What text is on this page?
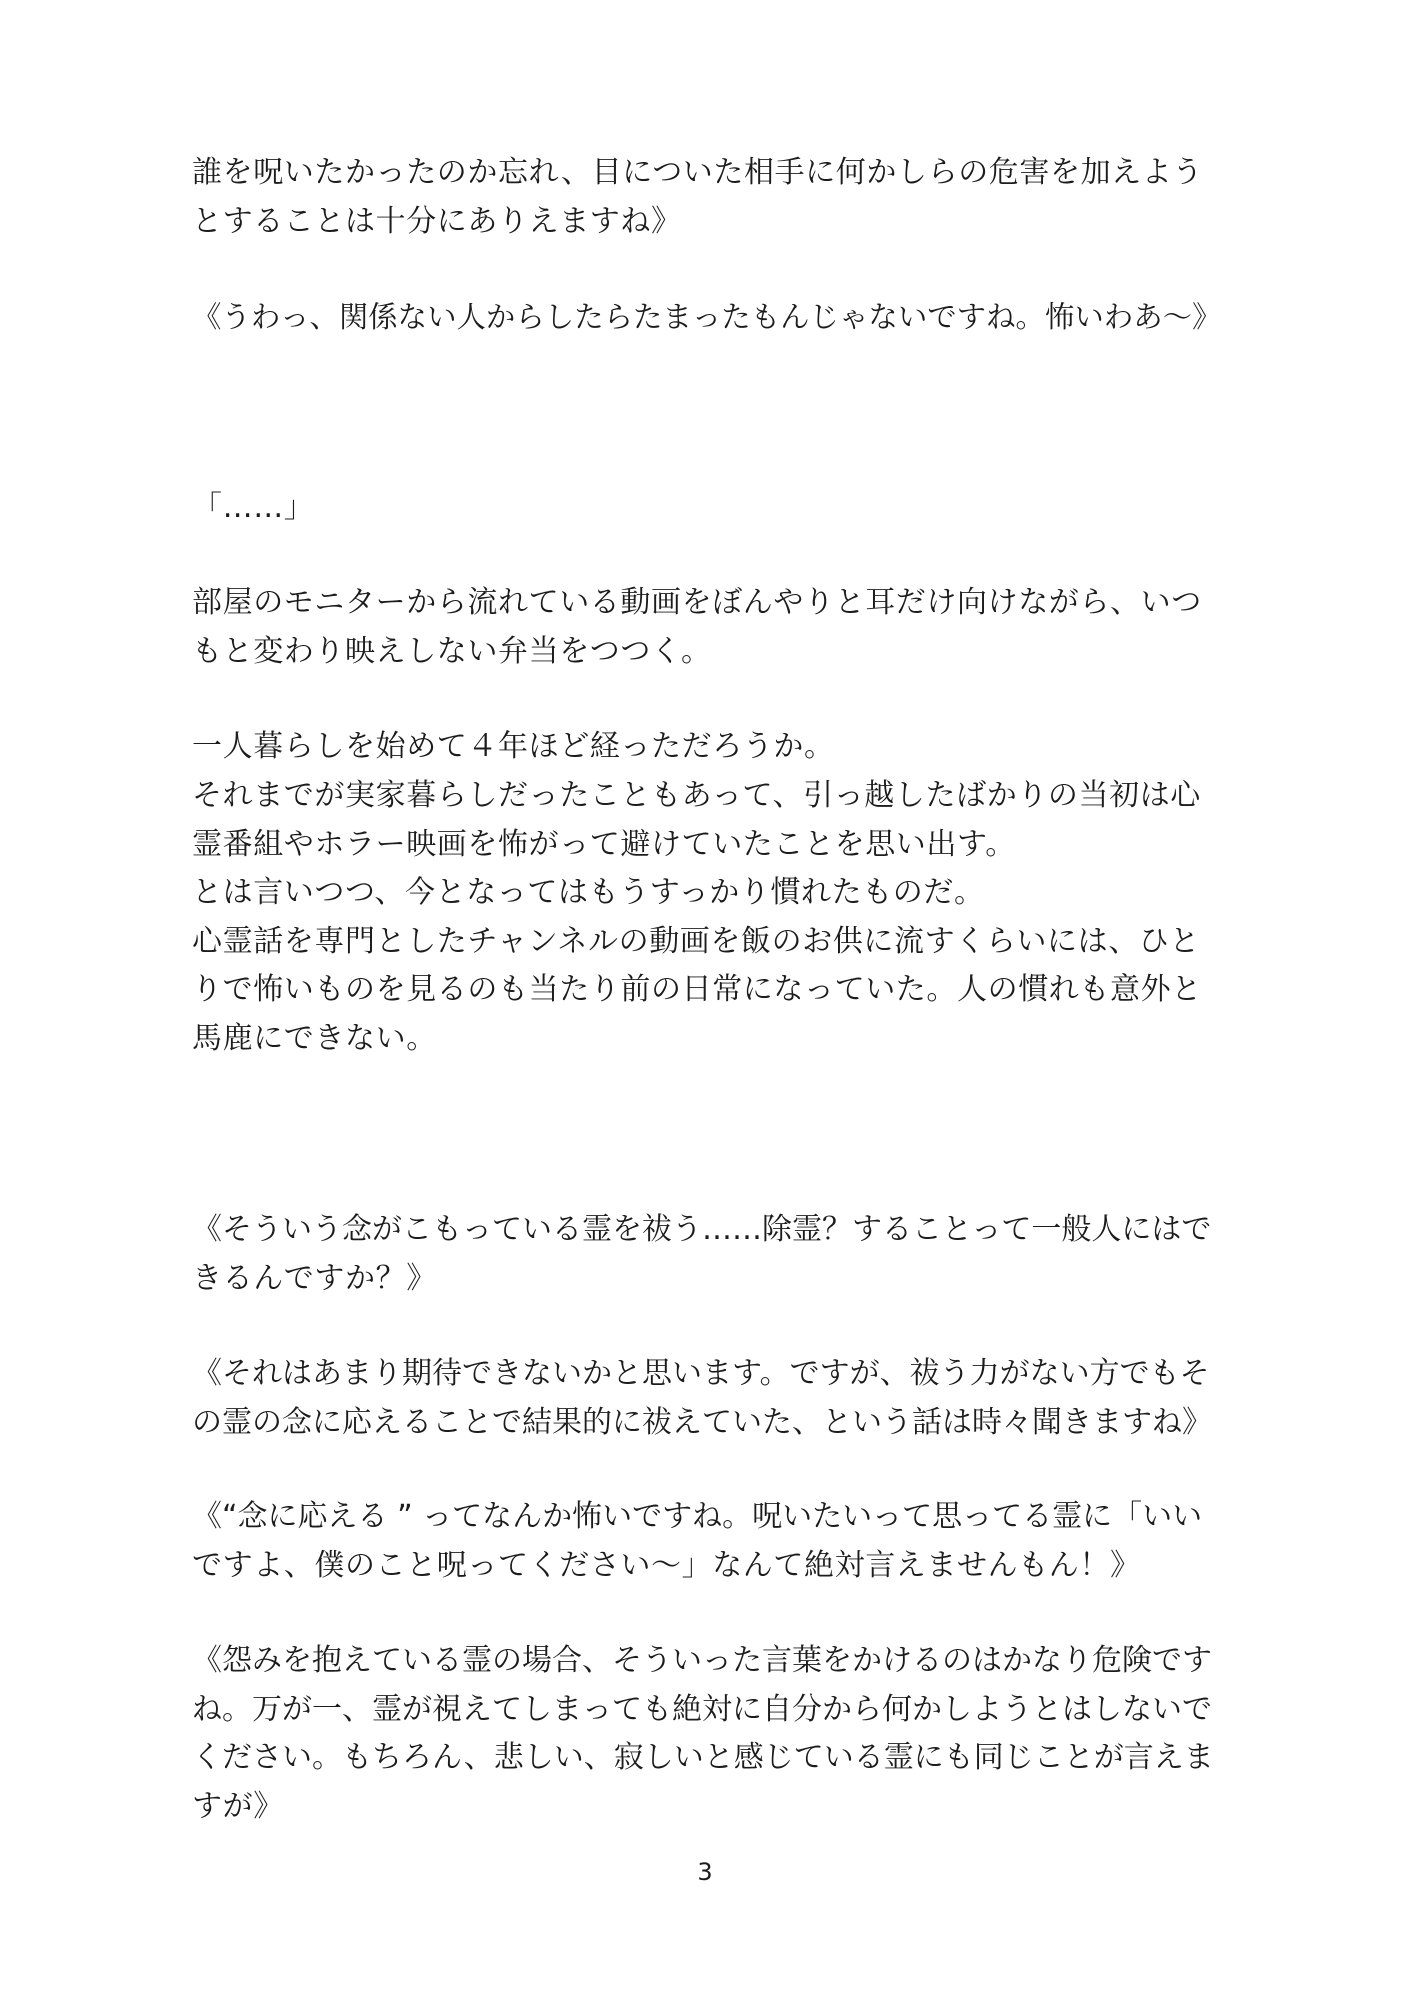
誰を呪いたかったのか忘れ、目についた相手に何かしらの危害を加えよう

とすることは十分にありえますね》

《うわっ、関係ない人からしたらたまったもんじゃないですね。怖いわあ〜》

「……」

部屋のモニターから流れている動画をぼんやりと耳だけ向けながら、いつ

もと変わり映えしない弁当をつつく。

一人暮らしを始めて４年ほど経っただろうか。

それまでが実家暮らしだったこともあって、引っ越したばかりの当初は心

霊番組やホラー映画を怖がって避けていたことを思い出す。

とは言いつつ、今となってはもうすっかり慣れたものだ。

心霊話を専門としたチャンネルの動画を飯のお供に流すくらいには、ひと

りで怖いものを見るのも当たり前の日常になっていた。人の慣れも意外と

馬鹿にできない。

《そういう念がこもっている霊を祓う……除霊？することって一般人にはで

きるんですか？》

《それはあまり期待できないかと思います。ですが、祓う力がない方でもそ

の霊の念に応えることで結果的に祓えていた、という話は時々聞きますね》

《“念に応える ” ってなんか怖いですね。呪いたいって思ってる霊に「いい

ですよ、僕のこと呪ってください〜」なんて絶対言えませんもん！》

《怨みを抱えている霊の場合、そういった言葉をかけるのはかなり危険です

ね。万が一、霊が視えてしまっても絶対に自分から何かしようとはしないで

ください。もちろん、悲しい、寂しいと感じている霊にも同じことが言えま

すが》

3
